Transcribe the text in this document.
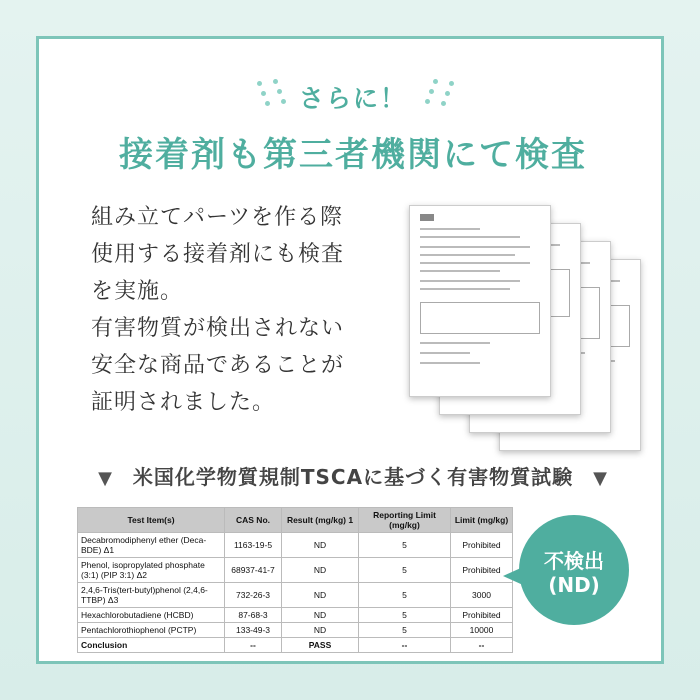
さらに！
接着剤も第三者機関にて検査
組み立てパーツを作る際
使用する接着剤にも検査
を実施。
有害物質が検出されない
安全な商品であることが
証明されました。
▼ 米国化学物質規制TSCAに基づく有害物質試験 ▼
Test Item(s)	CAS No.	Result (mg/kg) 1	Reporting Limit (mg/kg)	Limit (mg/kg)
Decabromodiphenyl ether (Deca-BDE) Δ1	1163-19-5	ND	5	Prohibited
Phenol, isopropylated phosphate (3:1) (PIP 3:1) Δ2	68937-41-7	ND	5	Prohibited
2,4,6-Tris(tert-butyl)phenol (2,4,6-TTBP) Δ3	732-26-3	ND	5	3000
Hexachlorobutadiene (HCBD)	87-68-3	ND	5	Prohibited
Pentachlorothiophenol (PCTP)	133-49-3	ND	5	10000
Conclusion	--	PASS	--	--
不検出
(ND)
